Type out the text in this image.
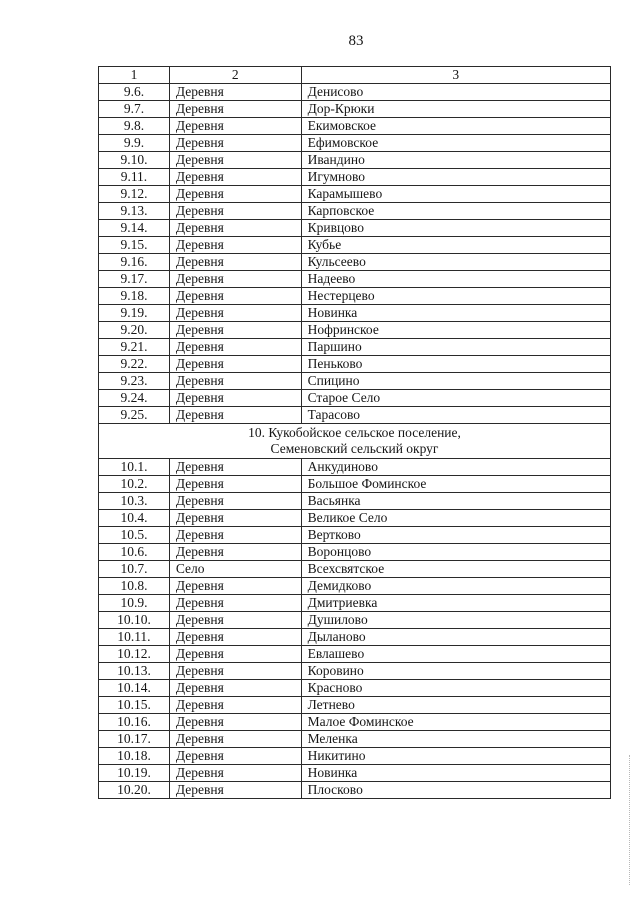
83
1	2	3
9.6.	Деревня	Денисово
9.7.	Деревня	Дор-Крюки
9.8.	Деревня	Екимовское
9.9.	Деревня	Ефимовское
9.10.	Деревня	Ивандино
9.11.	Деревня	Игумново
9.12.	Деревня	Карамышево
9.13.	Деревня	Карповское
9.14.	Деревня	Кривцово
9.15.	Деревня	Кубье
9.16.	Деревня	Кульсеево
9.17.	Деревня	Надеево
9.18.	Деревня	Нестерцево
9.19.	Деревня	Новинка
9.20.	Деревня	Нофринское
9.21.	Деревня	Паршино
9.22.	Деревня	Пеньково
9.23.	Деревня	Спицино
9.24.	Деревня	Старое Село
9.25.	Деревня	Тарасово

10. Кукобойское сельское поселение,
Семеновский сельский округ		

10.1.	Деревня	Анкудиново
10.2.	Деревня	Большое Фоминское
10.3.	Деревня	Васьянка
10.4.	Деревня	Великое Село
10.5.	Деревня	Вертково
10.6.	Деревня	Воронцово
10.7.	Село	Всехсвятское
10.8.	Деревня	Демидково
10.9.	Деревня	Дмитриевка
10.10.	Деревня	Душилово
10.11.	Деревня	Дыланово
10.12.	Деревня	Евлашево
10.13.	Деревня	Коровино
10.14.	Деревня	Красново
10.15.	Деревня	Летнево
10.16.	Деревня	Малое Фоминское
10.17.	Деревня	Меленка
10.18.	Деревня	Никитино
10.19.	Деревня	Новинка
10.20.	Деревня	Плосково
